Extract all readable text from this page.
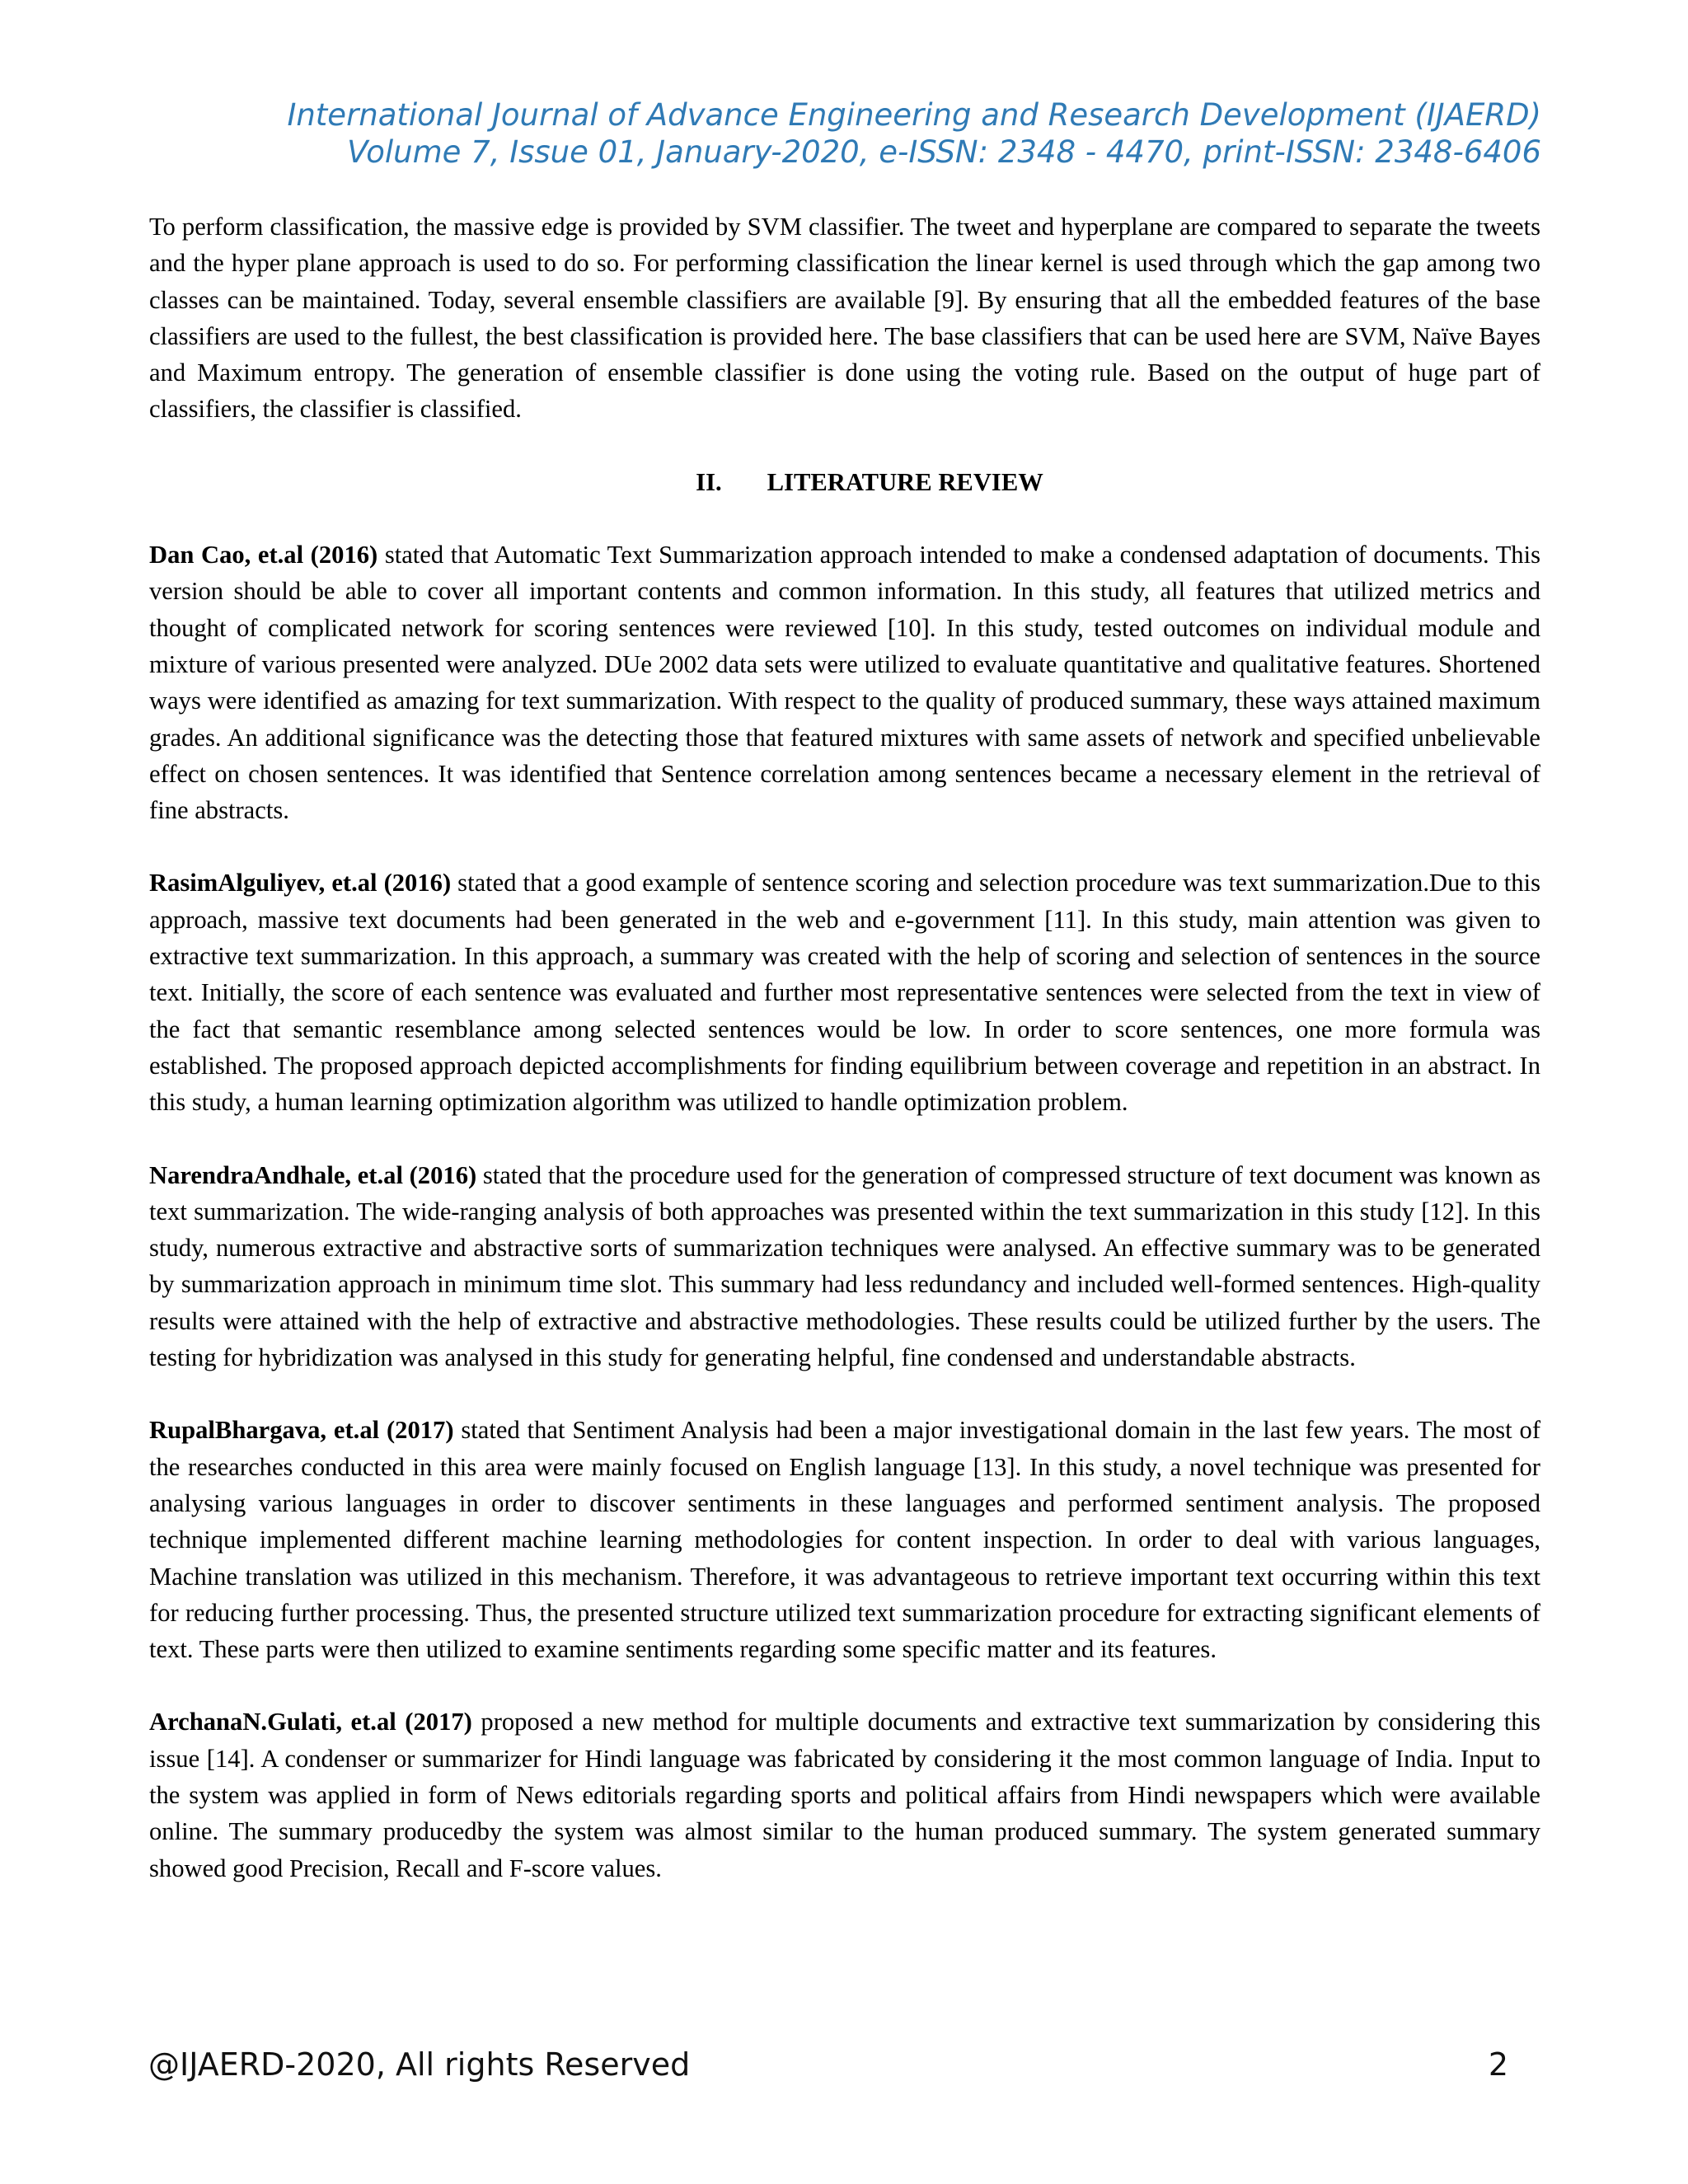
International Journal of Advance Engineering and Research Development (IJAERD)
Volume 7, Issue 01, January-2020, e-ISSN: 2348 - 4470, print-ISSN: 2348-6406

To perform classification, the massive edge is provided by SVM classifier. The tweet and hyperplane are compared to separate the tweets and the hyper plane approach is used to do so. For performing classification the linear kernel is used through which the gap among two classes can be maintained. Today, several ensemble classifiers are available [9]. By ensuring that all the embedded features of the base classifiers are used to the fullest, the best classification is provided here. The base classifiers that can be used here are SVM, Naïve Bayes and Maximum entropy. The generation of ensemble classifier is done using the voting rule. Based on the output of huge part of classifiers, the classifier is classified.

II. LITERATURE REVIEW

Dan Cao, et.al (2016) stated that Automatic Text Summarization approach intended to make a condensed adaptation of documents. This version should be able to cover all important contents and common information. In this study, all features that utilized metrics and thought of complicated network for scoring sentences were reviewed [10]. In this study, tested outcomes on individual module and mixture of various presented were analyzed. DUe 2002 data sets were utilized to evaluate quantitative and qualitative features. Shortened ways were identified as amazing for text summarization. With respect to the quality of produced summary, these ways attained maximum grades. An additional significance was the detecting those that featured mixtures with same assets of network and specified unbelievable effect on chosen sentences. It was identified that Sentence correlation among sentences became a necessary element in the retrieval of fine abstracts.

RasimAlguliyev, et.al (2016) stated that a good example of sentence scoring and selection procedure was text summarization.Due to this approach, massive text documents had been generated in the web and e-government [11]. In this study, main attention was given to extractive text summarization. In this approach, a summary was created with the help of scoring and selection of sentences in the source text. Initially, the score of each sentence was evaluated and further most representative sentences were selected from the text in view of the fact that semantic resemblance among selected sentences would be low. In order to score sentences, one more formula was established. The proposed approach depicted accomplishments for finding equilibrium between coverage and repetition in an abstract. In this study, a human learning optimization algorithm was utilized to handle optimization problem.

NarendraAndhale, et.al (2016) stated that the procedure used for the generation of compressed structure of text document was known as text summarization. The wide-ranging analysis of both approaches was presented within the text summarization in this study [12]. In this study, numerous extractive and abstractive sorts of summarization techniques were analysed. An effective summary was to be generated by summarization approach in minimum time slot. This summary had less redundancy and included well-formed sentences. High-quality results were attained with the help of extractive and abstractive methodologies. These results could be utilized further by the users. The testing for hybridization was analysed in this study for generating helpful, fine condensed and understandable abstracts.

RupalBhargava, et.al (2017) stated that Sentiment Analysis had been a major investigational domain in the last few years. The most of the researches conducted in this area were mainly focused on English language [13]. In this study, a novel technique was presented for analysing various languages in order to discover sentiments in these languages and performed sentiment analysis. The proposed technique implemented different machine learning methodologies for content inspection. In order to deal with various languages, Machine translation was utilized in this mechanism. Therefore, it was advantageous to retrieve important text occurring within this text for reducing further processing. Thus, the presented structure utilized text summarization procedure for extracting significant elements of text. These parts were then utilized to examine sentiments regarding some specific matter and its features.

ArchanaN.Gulati, et.al (2017) proposed a new method for multiple documents and extractive text summarization by considering this issue [14]. A condenser or summarizer for Hindi language was fabricated by considering it the most common language of India. Input to the system was applied in form of News editorials regarding sports and political affairs from Hindi newspapers which were available online. The summary producedby the system was almost similar to the human produced summary. The system generated summary showed good Precision, Recall and F-score values.

@IJAERD-2020, All rights Reserved	2
